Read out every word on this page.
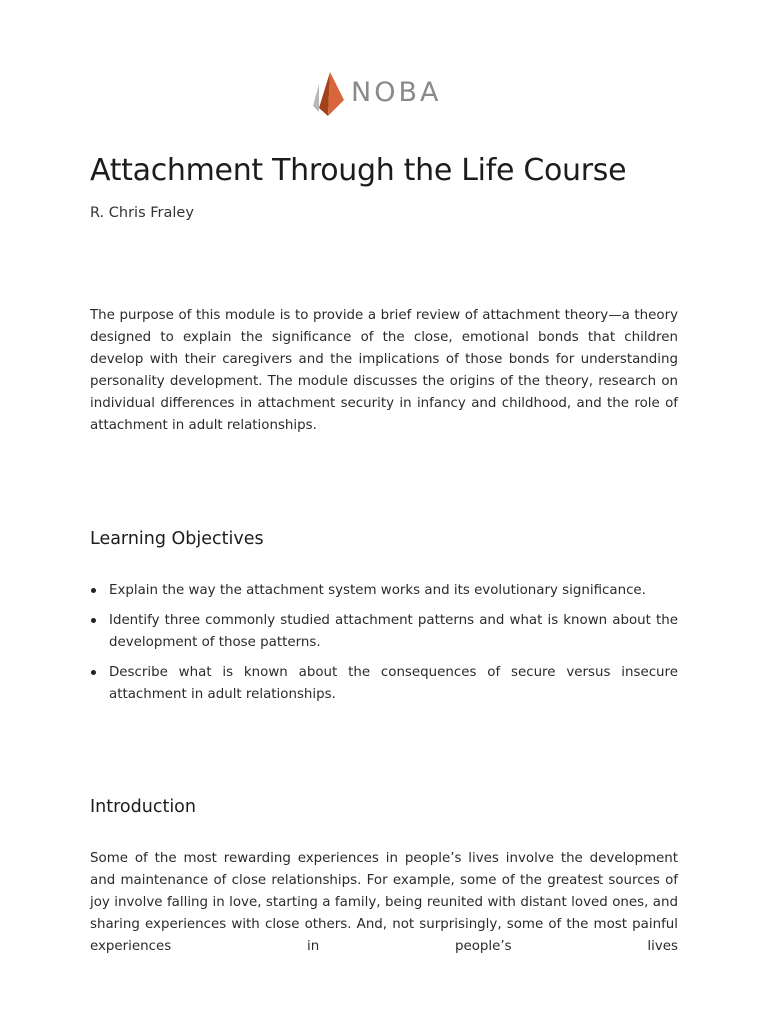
NOBA
Attachment Through the Life Course

R. Chris Fraley

The purpose of this module is to provide a brief review of attachment theory—a theory designed to explain the significance of the close, emotional bonds that children develop with their caregivers and the implications of those bonds for understanding personality development. The module discusses the origins of the theory, research on individual differences in attachment security in infancy and childhood, and the role of attachment in adult relationships.

Learning Objectives
Explain the way the attachment system works and its evolutionary significance.
Identify three commonly studied attachment patterns and what is known about the development of those patterns.
Describe what is known about the consequences of secure versus insecure attachment in adult relationships.
Introduction

Some of the most rewarding experiences in people’s lives involve the development and maintenance of close relationships. For example, some of the greatest sources of joy involve falling in love, starting a family, being reunited with distant loved ones, and sharing experiences with close others. And, not surprisingly, some of the most painful experiences in people’s lives
